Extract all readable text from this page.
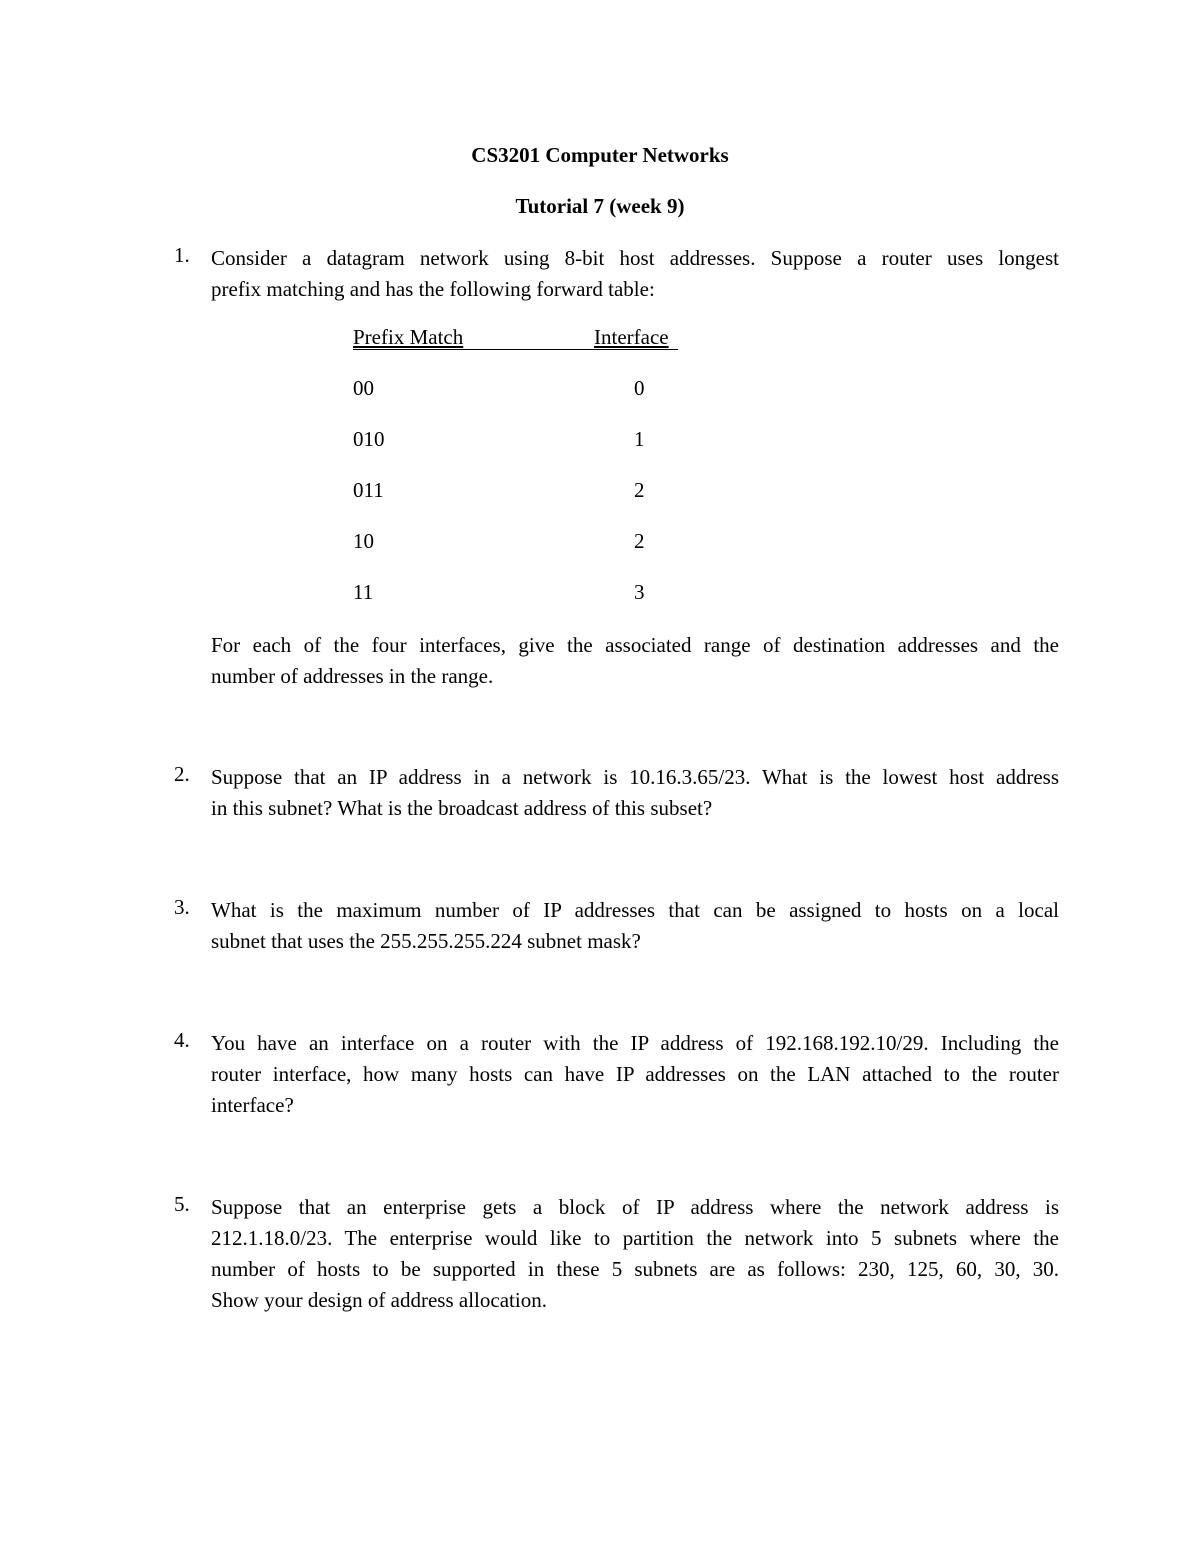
CS3201 Computer Networks
Tutorial 7 (week 9)
1.	Consider a datagram network using 8-bit host addresses. Suppose a router uses longest
prefix matching and has the following forward table:
Prefix Match	Interface
00	0
010	1
011	2
10	2
11	3
For each of the four interfaces, give the associated range of destination addresses and the
number of addresses in the range.
2.	Suppose that an IP address in a network is 10.16.3.65/23. What is the lowest host address
in this subnet? What is the broadcast address of this subset?
3.	What is the maximum number of IP addresses that can be assigned to hosts on a local
subnet that uses the 255.255.255.224 subnet mask?
4.	You have an interface on a router with the IP address of 192.168.192.10/29. Including the
router interface, how many hosts can have IP addresses on the LAN attached to the router
interface?
5.	Suppose that an enterprise gets a block of IP address where the network address is
212.1.18.0/23. The enterprise would like to partition the network into 5 subnets where the
number of hosts to be supported in these 5 subnets are as follows: 230, 125, 60, 30, 30.
Show your design of address allocation.
